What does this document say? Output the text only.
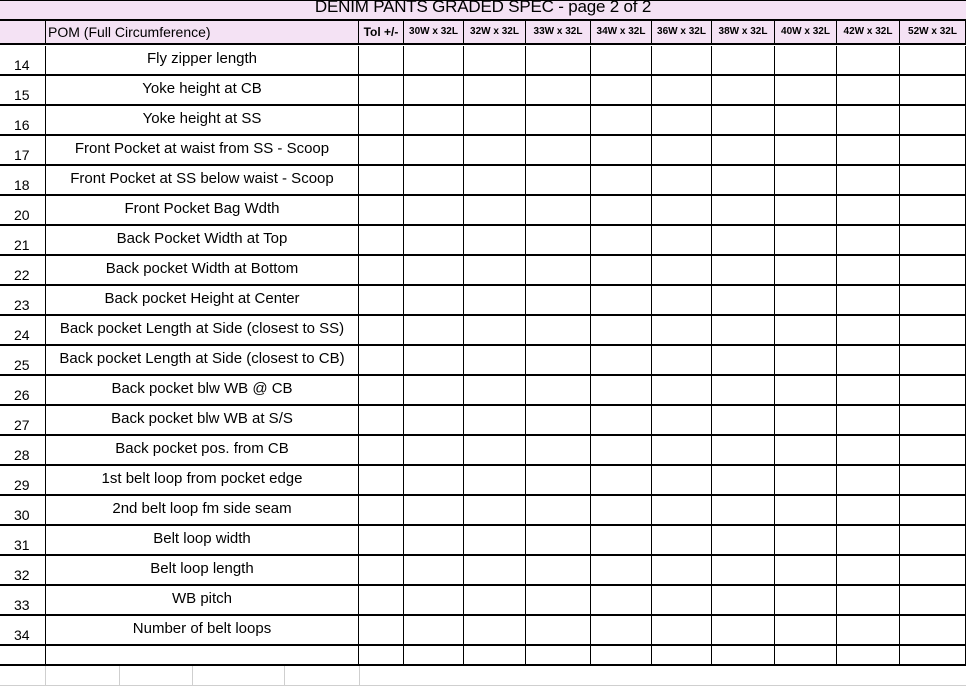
DENIM PANTS GRADED SPEC - page 2 of 2
POM (Full Circumference)	Tol +/-	30W x 32L	32W x 32L	33W x 32L	34W x 32L	36W x 32L	38W x 32L	40W x 32L	42W x 32L	52W x 32L
14	Fly zipper length
15	Yoke height at CB
16	Yoke height at SS
17	Front Pocket at waist from SS - Scoop
18	Front Pocket at SS below waist - Scoop
20	Front Pocket Bag Wdth
21	Back Pocket Width at Top
22	Back pocket Width at Bottom
23	Back pocket Height at Center
24	Back pocket Length at Side (closest to SS)
25	Back pocket Length at Side (closest to CB)
26	Back pocket blw WB @ CB
27	Back pocket blw WB at S/S
28	Back pocket pos. from CB
29	1st belt loop from pocket edge
30	2nd belt loop fm side seam
31	Belt loop width
32	Belt loop length
33	WB pitch
34	Number of belt loops
